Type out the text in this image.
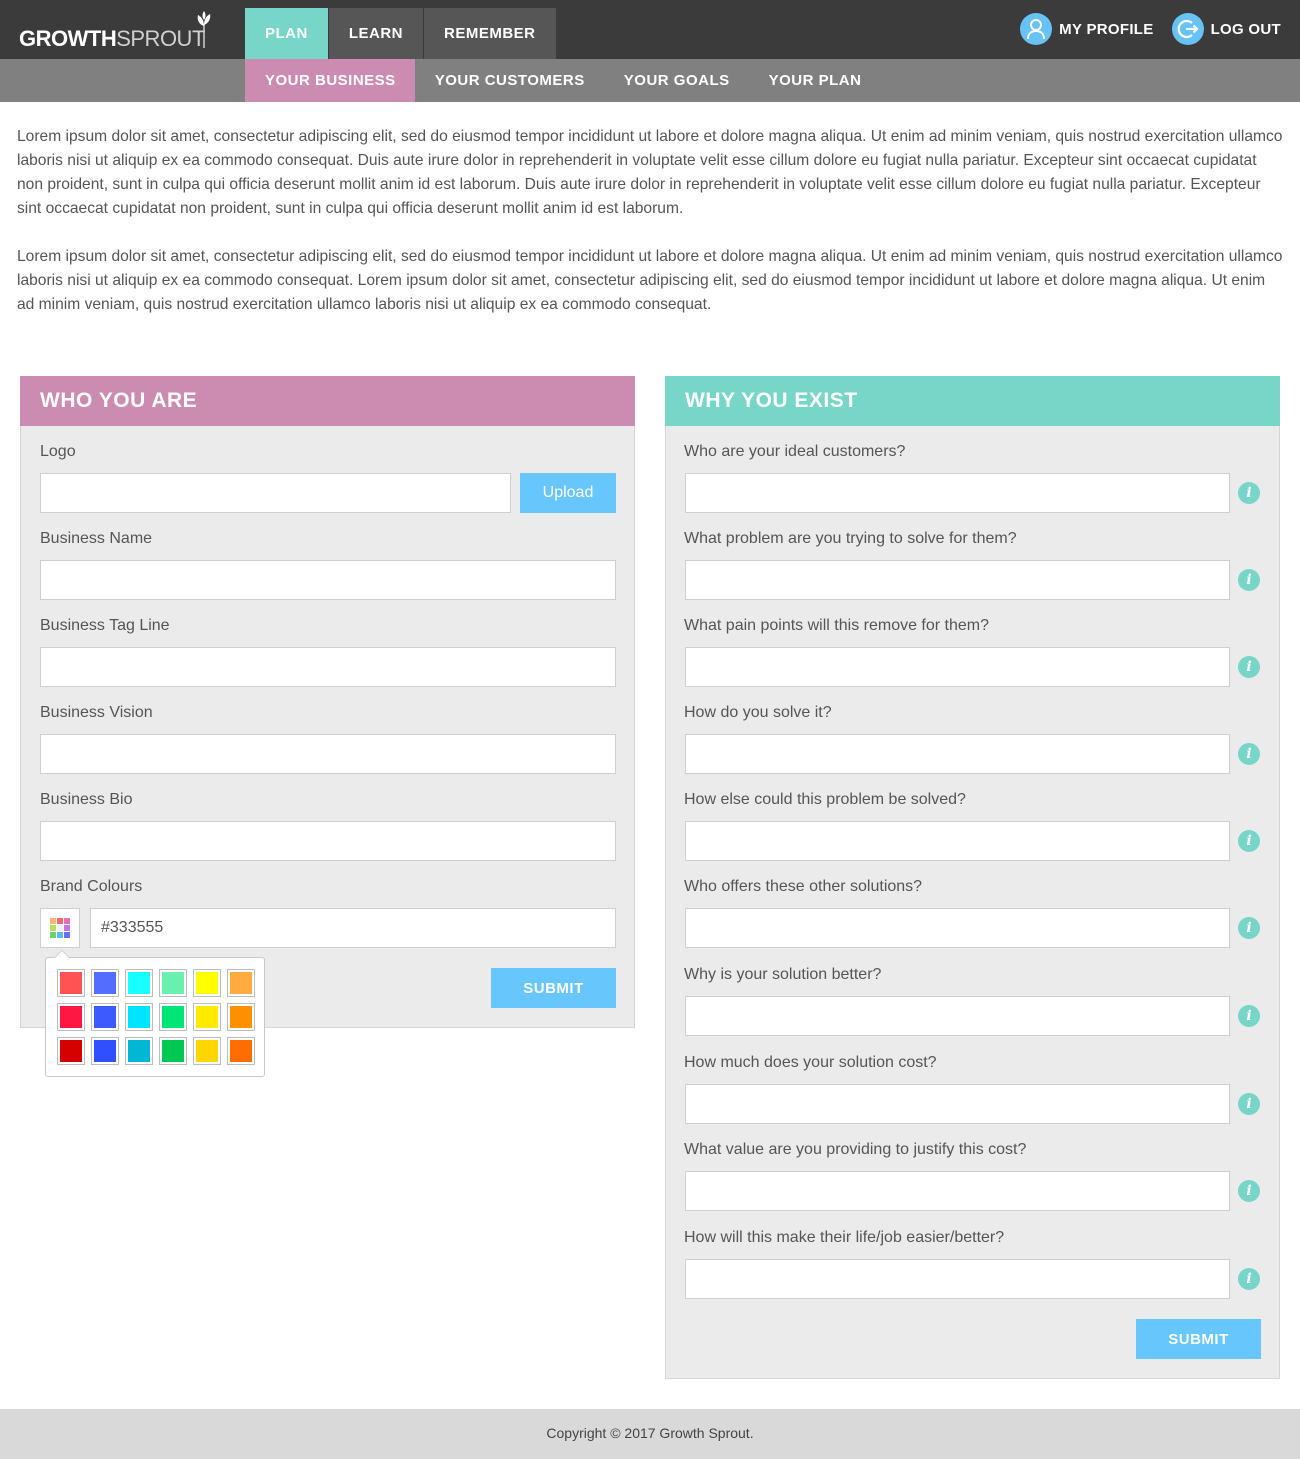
GROWTHSPROUT	PLAN	LEARN	REMEMBER	MY PROFILE	LOG OUT
YOUR BUSINESS	YOUR CUSTOMERS	YOUR GOALS	YOUR PLAN

Lorem ipsum dolor sit amet, consectetur adipiscing elit, sed do eiusmod tempor incididunt ut labore et dolore magna aliqua. Ut enim ad minim veniam, quis nostrud exercitation ullamco laboris nisi ut aliquip ex ea commodo consequat. Duis aute irure dolor in reprehenderit in voluptate velit esse cillum dolore eu fugiat nulla pariatur. Excepteur sint occaecat cupidatat non proident, sunt in culpa qui officia deserunt mollit anim id est laborum. Duis aute irure dolor in reprehenderit in voluptate velit esse cillum dolore eu fugiat nulla pariatur. Excepteur sint occaecat cupidatat non proident, sunt in culpa qui officia deserunt mollit anim id est laborum.

Lorem ipsum dolor sit amet, consectetur adipiscing elit, sed do eiusmod tempor incididunt ut labore et dolore magna aliqua. Ut enim ad minim veniam, quis nostrud exercitation ullamco laboris nisi ut aliquip ex ea commodo consequat. Lorem ipsum dolor sit amet, consectetur adipiscing elit, sed do eiusmod tempor incididunt ut labore et dolore magna aliqua. Ut enim ad minim veniam, quis nostrud exercitation ullamco laboris nisi ut aliquip ex ea commodo consequat.

WHO YOU ARE
Logo
Upload
Business Name
Business Tag Line
Business Vision
Business Bio
Brand Colours
#333555
SUBMIT
WHY YOU EXIST
SUBMIT
Who are your ideal customers?
i
What problem are you trying to solve for them?
i
What pain points will this remove for them?
i
How do you solve it?
i
How else could this problem be solved?
i
Who offers these other solutions?
i
Why is your solution better?
i
How much does your solution cost?
i
What value are you providing to justify this cost?
i
How will this make their life/job easier/better?
i
Copyright © 2017 Growth Sprout.
